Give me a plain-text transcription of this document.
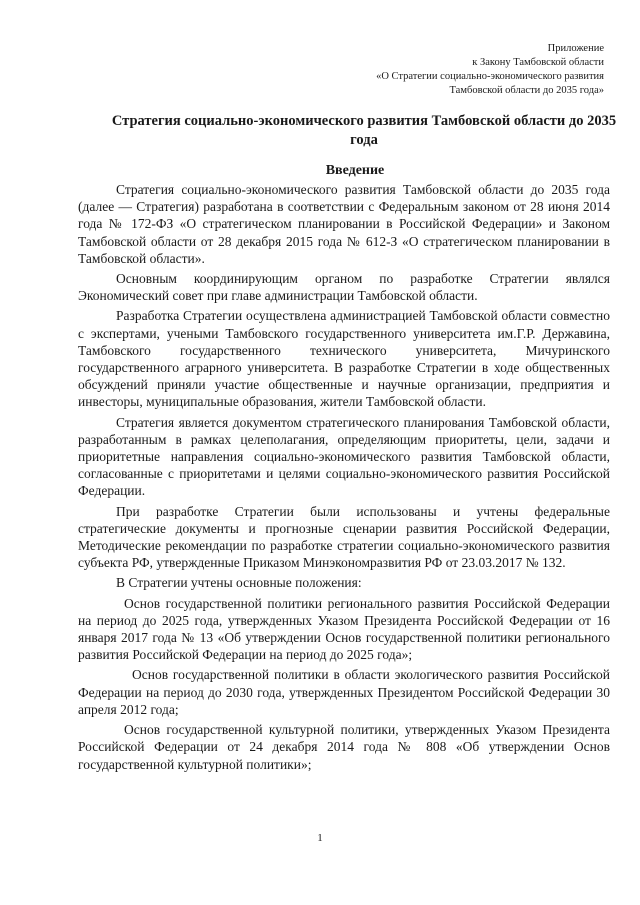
Приложение
к Закону Тамбовской области
«О Стратегии социально-экономического развития
Тамбовской области до 2035 года»
Стратегия социально-экономического развития Тамбовской области до 2035 года
Введение

Стратегия социально-экономического развития Тамбовской области до 2035 года (далее — Стратегия) разработана в соответствии с Федеральным законом от 28 июня 2014 года № 172-ФЗ «О стратегическом планировании в Российской Федерации» и Законом Тамбовской области от 28 декабря 2015 года № 612-З «О стратегическом планировании в Тамбовской области».

Основным координирующим органом по разработке Стратегии являлся Экономический совет при главе администрации Тамбовской области.

Разработка Стратегии осуществлена администрацией Тамбовской области совместно с экспертами, учеными Тамбовского государственного университета им.Г.Р. Державина, Тамбовского государственного технического университета, Мичуринского государственного аграрного университета. В разработке Стратегии в ходе общественных обсуждений приняли участие общественные и научные организации, предприятия и инвесторы, муниципальные образования, жители Тамбовской области.

Стратегия является документом стратегического планирования Тамбовской области, разработанным в рамках целеполагания, определяющим приоритеты, цели, задачи и приоритетные направления социально-экономического развития Тамбовской области, согласованные с приоритетами и целями социально-экономического развития Российской Федерации.

При разработке Стратегии были использованы и учтены федеральные стратегические документы и прогнозные сценарии развития Российской Федерации, Методические рекомендации по разработке стратегии социально-экономического развития субъекта РФ, утвержденные Приказом Минэкономразвития РФ от 23.03.2017 № 132.

В Стратегии учтены основные положения:

Основ государственной политики регионального развития Российской Федерации на период до 2025 года, утвержденных Указом Президента Российской Федерации от 16 января 2017 года № 13 «Об утверждении Основ государственной политики регионального развития Российской Федерации на период до 2025 года»;

Основ государственной политики в области экологического развития Российской Федерации на период до 2030 года, утвержденных Президентом Российской Федерации 30 апреля 2012 года;

Основ государственной культурной политики, утвержденных Указом Президента Российской Федерации от 24 декабря 2014 года № 808 «Об утверждении Основ государственной культурной политики»;

1
